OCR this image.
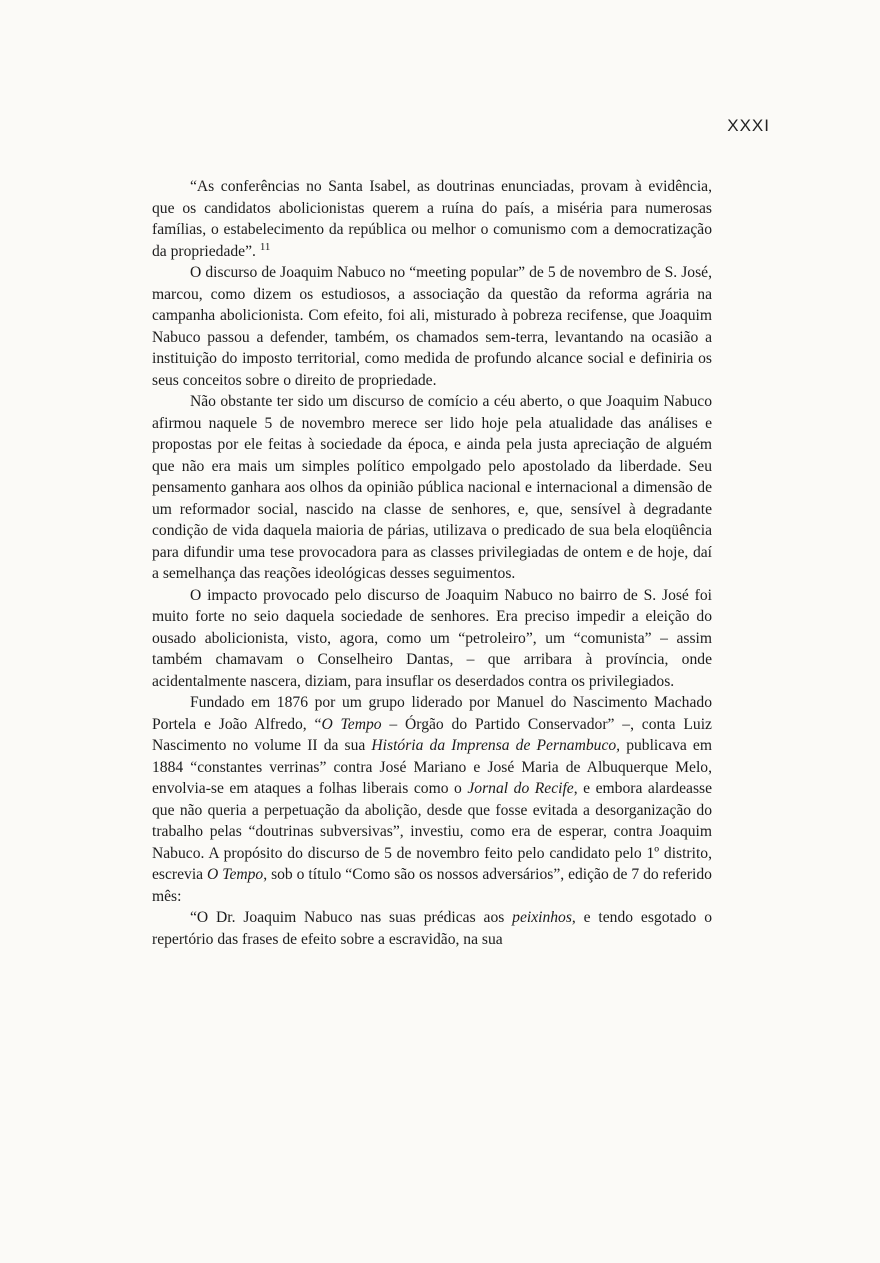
XXXI

“As conferências no Santa Isabel, as doutrinas enunciadas, provam à evidência, que os candidatos abolicionistas querem a ruína do país, a miséria para numerosas famílias, o estabelecimento da república ou melhor o comunismo com a democratização da propriedade”. $^{11}$

O discurso de Joaquim Nabuco no “meeting popular” de 5 de novembro de S. José, marcou, como dizem os estudiosos, a associação da questão da reforma agrária na campanha abolicionista. Com efeito, foi ali, misturado à pobreza recifense, que Joaquim Nabuco passou a defender, também, os chamados sem-terra, levantando na ocasião a instituição do imposto territorial, como medida de profundo alcance social e definiria os seus conceitos sobre o direito de propriedade.

Não obstante ter sido um discurso de comício a céu aberto, o que Joaquim Nabuco afirmou naquele 5 de novembro merece ser lido hoje pela atualidade das análises e propostas por ele feitas à sociedade da época, e ainda pela justa apreciação de alguém que não era mais um simples político empolgado pelo apostolado da liberdade. Seu pensamento ganhara aos olhos da opinião pública nacional e internacional a dimensão de um reformador social, nascido na classe de senhores, e, que, sensível à degradante condição de vida daquela maioria de párias, utilizava o predicado de sua bela eloqüência para difundir uma tese provocadora para as classes privilegiadas de ontem e de hoje, daí a semelhança das reações ideológicas desses seguimentos.

O impacto provocado pelo discurso de Joaquim Nabuco no bairro de S. José foi muito forte no seio daquela sociedade de senhores. Era preciso impedir a eleição do ousado abolicionista, visto, agora, como um “petroleiro”, um “comunista” – assim também chamavam o Conselheiro Dantas, – que arribara à província, onde acidentalmente nascera, diziam, para insuflar os deserdados contra os privilegiados.

Fundado em 1876 por um grupo liderado por Manuel do Nascimento Machado Portela e João Alfredo, “O Tempo – Órgão do Partido Conservador” –, conta Luiz Nascimento no volume II da sua História da Imprensa de Pernambuco, publicava em 1884 “constantes verrinas” contra José Mariano e José Maria de Albuquerque Melo, envolvia-se em ataques a folhas liberais como o Jornal do Recife, e embora alardeasse que não queria a perpetuação da abolição, desde que fosse evitada a desorganização do trabalho pelas “doutrinas subversivas”, investiu, como era de esperar, contra Joaquim Nabuco. A propósito do discurso de 5 de novembro feito pelo candidato pelo 1º distrito, escrevia O Tempo, sob o título “Como são os nossos adversários”, edição de 7 do referido mês:

“O Dr. Joaquim Nabuco nas suas prédicas aos peixinhos, e tendo esgotado o repertório das frases de efeito sobre a escravidão, na sua
